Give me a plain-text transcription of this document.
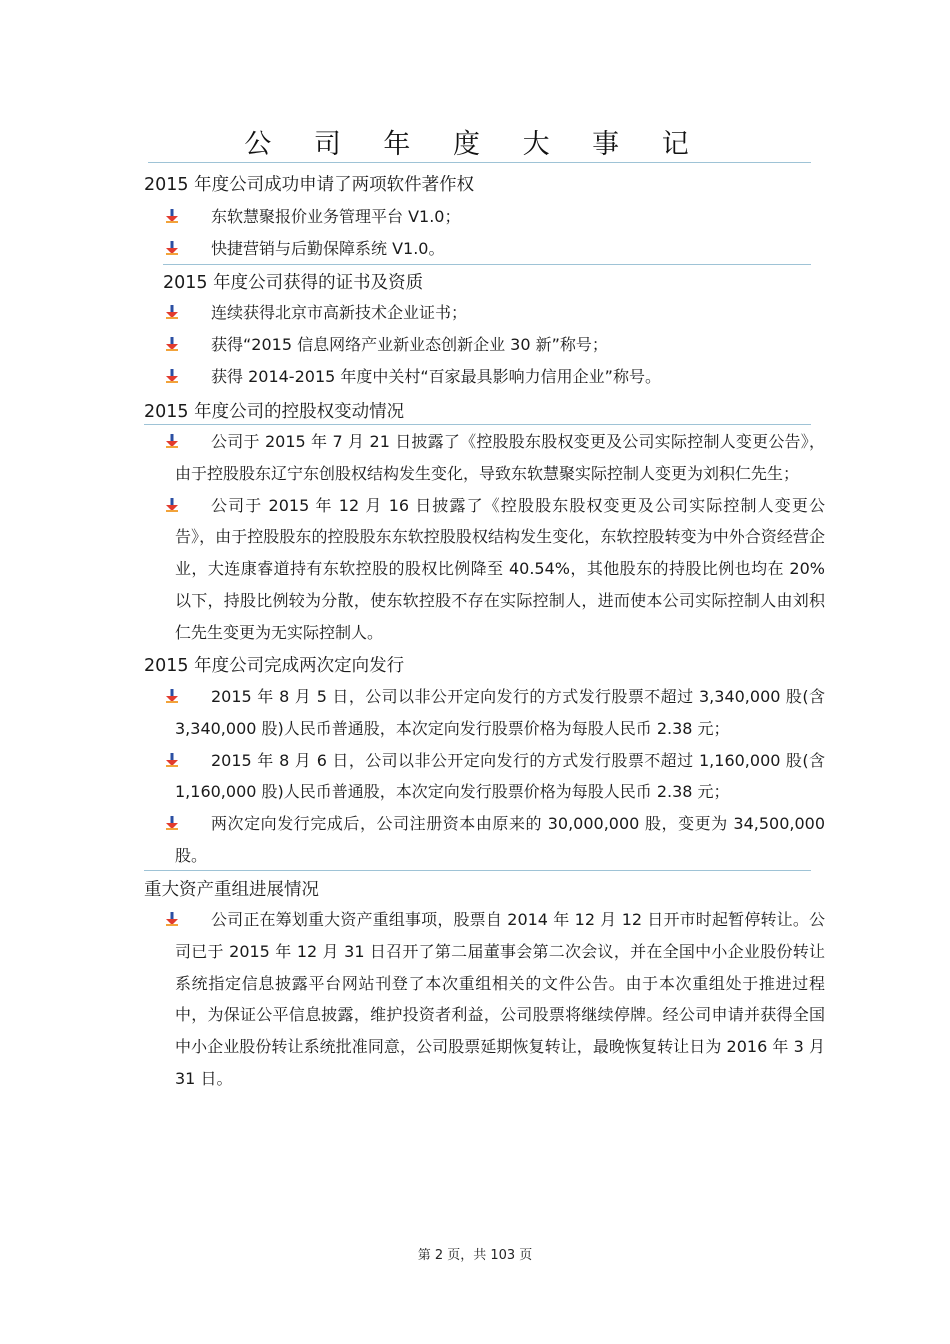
公 司 年 度 大 事 记
2015 年度公司成功申请了两项软件著作权
东软慧聚报价业务管理平台 V1.0；
快捷营销与后勤保障系统 V1.0。
2015 年度公司获得的证书及资质
连续获得北京市高新技术企业证书；
获得“2015 信息网络产业新业态创新企业 30 新”称号；
获得 2014-2015 年度中关村“百家最具影响力信用企业”称号。
2015 年度公司的控股权变动情况
公司于 2015 年 7 月 21 日披露了《控股股东股权变更及公司实际控制人变更公告》，由于控股股东辽宁东创股权结构发生变化，导致东软慧聚实际控制人变更为刘积仁先生；
公司于 2015 年 12 月 16 日披露了《控股股东股权变更及公司实际控制人变更公告》，由于控股股东的控股股东东软控股股权结构发生变化，东软控股转变为中外合资经营企业，大连康睿道持有东软控股的股权比例降至 40.54%，其他股东的持股比例也均在 20%以下，持股比例较为分散，使东软控股不存在实际控制人，进而使本公司实际控制人由刘积仁先生变更为无实际控制人。
2015 年度公司完成两次定向发行
2015 年 8 月 5 日，公司以非公开定向发行的方式发行股票不超过 3,340,000 股(含 3,340,000 股)人民币普通股，本次定向发行股票价格为每股人民币 2.38 元；
2015 年 8 月 6 日，公司以非公开定向发行的方式发行股票不超过 1,160,000 股(含 1,160,000 股)人民币普通股，本次定向发行股票价格为每股人民币 2.38 元；
两次定向发行完成后，公司注册资本由原来的 30,000,000 股，变更为 34,500,000 股。
重大资产重组进展情况
公司正在筹划重大资产重组事项，股票自 2014 年 12 月 12 日开市时起暂停转让。公司已于 2015 年 12 月 31 日召开了第二届董事会第二次会议，并在全国中小企业股份转让系统指定信息披露平台网站刊登了本次重组相关的文件公告。由于本次重组处于推进过程中，为保证公平信息披露，维护投资者利益，公司股票将继续停牌。经公司申请并获得全国中小企业股份转让系统批准同意，公司股票延期恢复转让，最晚恢复转让日为 2016 年 3 月 31 日。
第 2 页，共 103 页
